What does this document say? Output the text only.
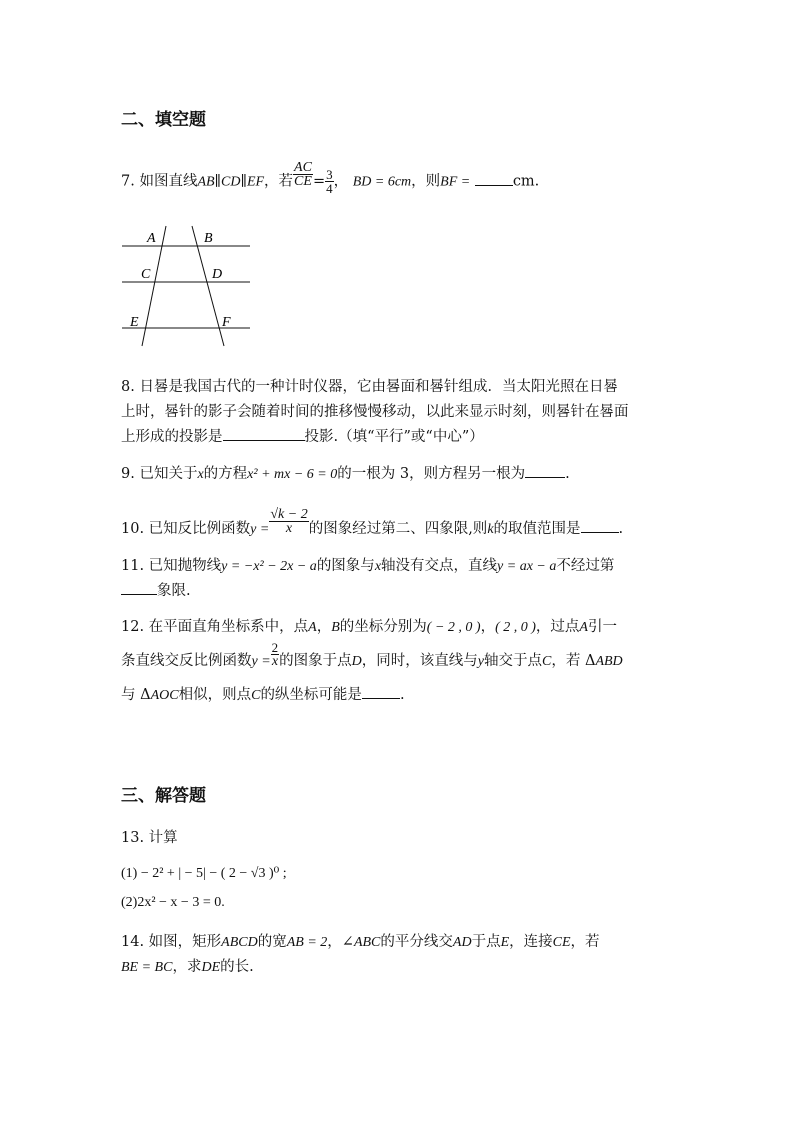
二、填空题
7. 如图直线AB∥CD∥EF，若 $\frac{AC}{CE} = \frac{3}{4}$ ， BD = 6cm，则BF =	cm.
A	B
C	D
E	F
8. 日晷是我国古代的一种计时仪器，它由晷面和晷针组成．当太阳光照在日晷
上时，晷针的影子会随着时间的推移慢慢移动，以此来显示时刻，则晷针在晷面
上形成的投影是	投影.（填“平行”或“中心”）
9. 已知关于x的方程x² + mx − 6 = 0的一根为 3，则方程另一根为	.
10. 已知反比例函数$y = \frac{√k - 2}{x}$ 的图象经过第二、四象限,则k的取值范围是	.
11. 已知抛物线y = −x² − 2x − a的图象与x轴没有交点，直线y = ax − a不经过第
象限.
12. 在平面直角坐标系中，点A，B的坐标分别为( − 2 , 0 )，( 2 , 0 )，过点A引一
条直线交反比例函数$y = \frac{2}{x}$ 的图象于点D，同时，该直线与y轴交于点C，若 ΔABD
与 ΔAOC相似，则点C的纵坐标可能是	.
三、解答题
13. 计算
(1) − 2² + | − 5| − ( 2 − √3 )⁰ ;
(2)2x² − x − 3 = 0.
14. 如图，矩形ABCD的宽AB = 2，∠ABC的平分线交AD于点E，连接CE，若
BE = BC，求DE的长.
